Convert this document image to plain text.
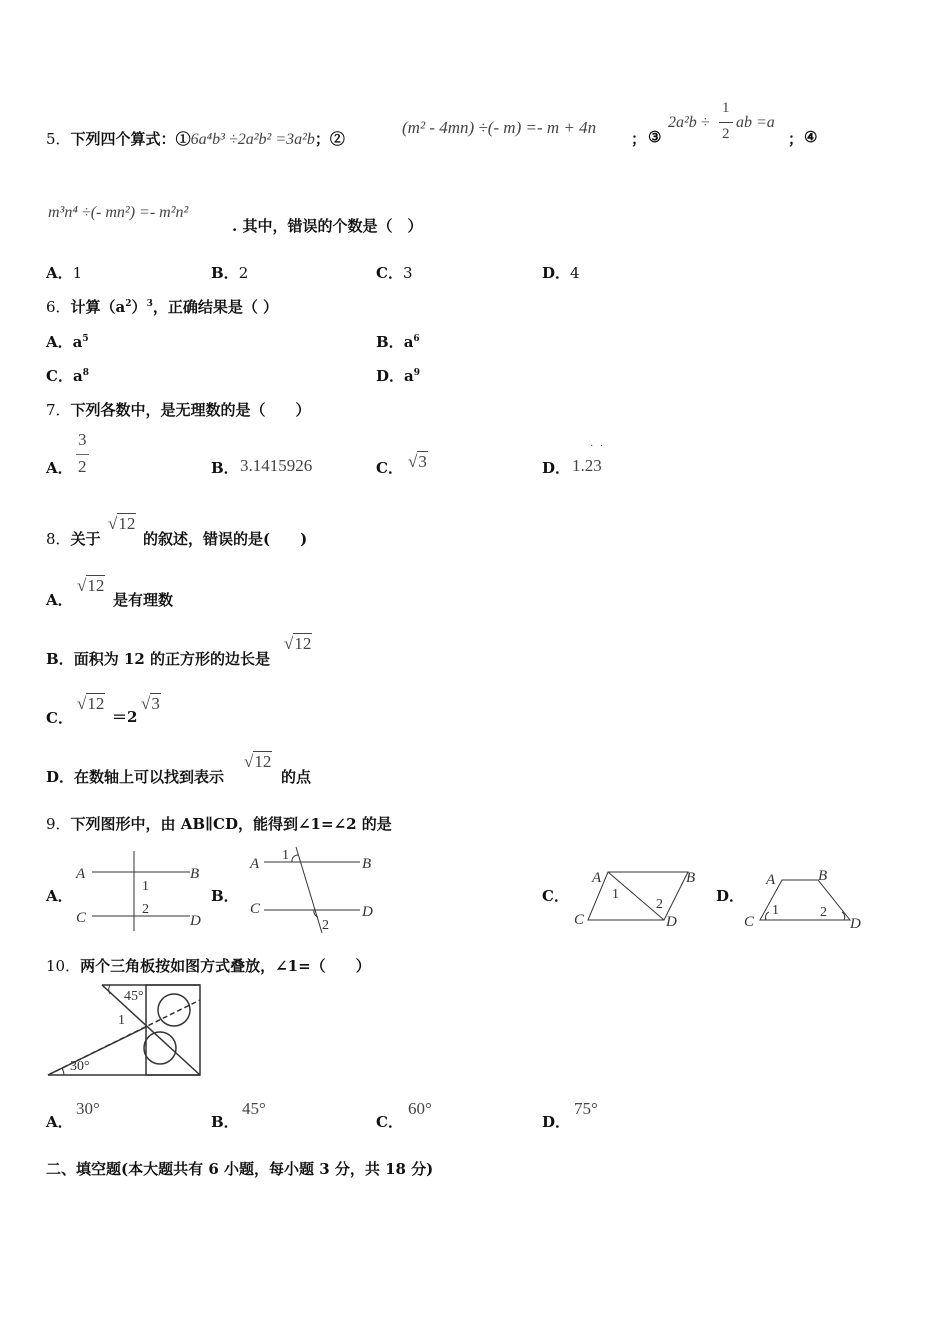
5．下列四个算式：①6a⁴b³ ÷2a²b² =3a²b；②
(m² - 4mn) ÷(- m) =- m + 4n
； ③
2a²b ÷
1
2
ab =a
； ④
m³n⁴ ÷(- mn²) =- m²n²
. 其中，错误的个数是（　）
A．1	B．2	C．3	D．4
6．计算$(a^2)^3$，正确结果是（ ）
A．$a^5$	B．$a^6$
C．$a^8$	D．$a^9$
7．下列各数中，是无理数的是（　　）
A．
3
2	B． 3.1415926	C． √3	D． 1.23
· ·
8．关于
√12
的叙述，错误的是(　　)
A．
√12
是有理数
B．面积为 12 的正方形的边长是
√12
C．
√12
＝2
√3
D．在数轴上可以找到表示
√12
的点
9．下列图形中，由 AB∥CD，能得到∠1=∠2 的是
A．
A	B
C	D
1
2
B．
A	B
C	D
1
2
C．
A	B
C	D
1
2	D．
A	B
C	D
1	2
10．两个三角板按如图方式叠放，∠1=（　　）
45°
1
30°
A．
30°
B．
45°
C．
60°
D．
75°
二、填空题(本大题共有 6 小题，每小题 3 分，共 18 分)
